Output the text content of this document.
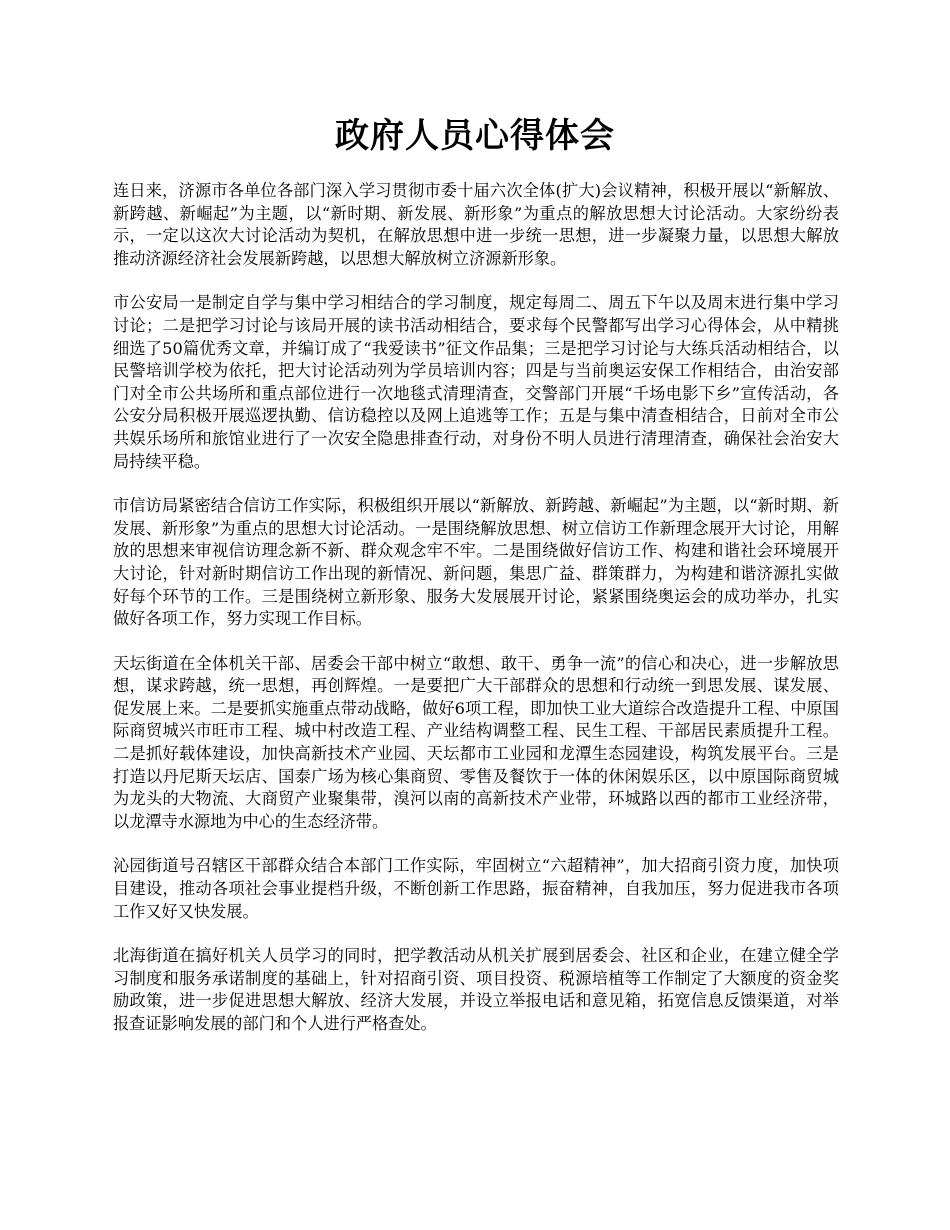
政府人员心得体会

连日来，济源市各单位各部门深入学习贯彻市委十届六次全体(扩大)会议精神，积极开展以“新解放、新跨越、新崛起”为主题，以“新时期、新发展、新形象”为重点的解放思想大讨论活动。大家纷纷表示，一定以这次大讨论活动为契机，在解放思想中进一步统一思想，进一步凝聚力量，以思想大解放推动济源经济社会发展新跨越，以思想大解放树立济源新形象。

市公安局一是制定自学与集中学习相结合的学习制度，规定每周二、周五下午以及周末进行集中学习讨论；二是把学习讨论与该局开展的读书活动相结合，要求每个民警都写出学习心得体会，从中精挑细选了50篇优秀文章，并编订成了“我爱读书”征文作品集；三是把学习讨论与大练兵活动相结合，以民警培训学校为依托，把大讨论活动列为学员培训内容；四是与当前奥运安保工作相结合，由治安部门对全市公共场所和重点部位进行一次地毯式清理清查，交警部门开展“千场电影下乡”宣传活动，各公安分局积极开展巡逻执勤、信访稳控以及网上追逃等工作；五是与集中清查相结合，日前对全市公共娱乐场所和旅馆业进行了一次安全隐患排查行动，对身份不明人员进行清理清查，确保社会治安大局持续平稳。

市信访局紧密结合信访工作实际，积极组织开展以“新解放、新跨越、新崛起”为主题，以“新时期、新发展、新形象”为重点的思想大讨论活动。一是围绕解放思想、树立信访工作新理念展开大讨论，用解放的思想来审视信访理念新不新、群众观念牢不牢。二是围绕做好信访工作、构建和谐社会环境展开大讨论，针对新时期信访工作出现的新情况、新问题，集思广益、群策群力，为构建和谐济源扎实做好每个环节的工作。三是围绕树立新形象、服务大发展展开讨论，紧紧围绕奥运会的成功举办，扎实做好各项工作，努力实现工作目标。

天坛街道在全体机关干部、居委会干部中树立“敢想、敢干、勇争一流”的信心和决心，进一步解放思想，谋求跨越，统一思想，再创辉煌。一是要把广大干部群众的思想和行动统一到思发展、谋发展、促发展上来。二是要抓实施重点带动战略，做好6项工程，即加快工业大道综合改造提升工程、中原国际商贸城兴市旺市工程、城中村改造工程、产业结构调整工程、民生工程、干部居民素质提升工程。二是抓好载体建设，加快高新技术产业园、天坛都市工业园和龙潭生态园建设，构筑发展平台。三是打造以丹尼斯天坛店、国泰广场为核心集商贸、零售及餐饮于一体的休闲娱乐区，以中原国际商贸城为龙头的大物流、大商贸产业聚集带，溴河以南的高新技术产业带，环城路以西的都市工业经济带，以龙潭寺水源地为中心的生态经济带。

沁园街道号召辖区干部群众结合本部门工作实际，牢固树立“六超精神”，加大招商引资力度，加快项目建设，推动各项社会事业提档升级，不断创新工作思路，振奋精神，自我加压，努力促进我市各项工作又好又快发展。

北海街道在搞好机关人员学习的同时，把学教活动从机关扩展到居委会、社区和企业，在建立健全学习制度和服务承诺制度的基础上，针对招商引资、项目投资、税源培植等工作制定了大额度的资金奖励政策，进一步促进思想大解放、经济大发展，并设立举报电话和意见箱，拓宽信息反馈渠道，对举报查证影响发展的部门和个人进行严格查处。
